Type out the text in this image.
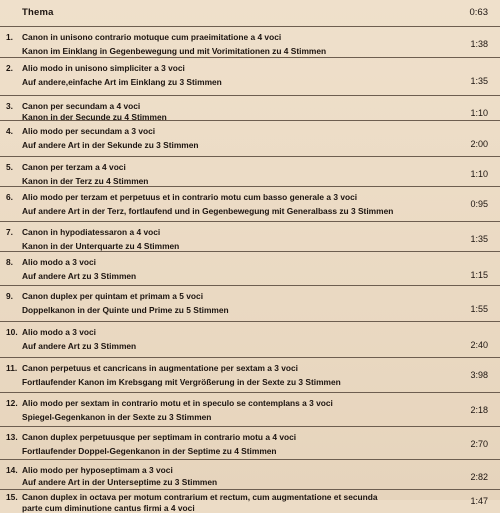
Thema	0:63
1. Canon in unisono contrario motuque cum praeimitatione a 4 voci
Kanon im Einklang in Gegenbewegung und mit Vorimitationen zu 4 Stimmen
1:38
2. Alio modo in unisono simpliciter a 3 voci
Auf andere,einfache Art im Einklang zu 3 Stimmen	1:35
3. Canon per secundam a 4 voci
Kanon in der Secunde zu 4 Stimmen	1:10
4. Alio modo per secundam a 3 voci
Auf andere Art in der Sekunde zu 3 Stimmen	2:00
5. Canon per terzam a 4 voci
Kanon in der Terz zu 4 Stimmen
1:10
6. Alio modo per terzam et perpetuus et in contrario motu cum basso generale a 3 voci
Auf andere Art in der Terz, fortlaufend und in Gegenbewegung mit Generalbass zu 3 Stimmen
0:95
7. Canon in hypodiatessaron a 4 voci
Kanon in der Unterquarte zu 4 Stimmen
1:35
8. Alio modo a 3 voci
Auf andere Art zu 3 Stimmen	1:15
9. Canon duplex per quintam et primam a 5 voci
Doppelkanon in der Quinte und Prime zu 5 Stimmen	1:55
10. Alio modo a 3 voci
Auf andere Art zu 3 Stimmen	2:40
11. Canon perpetuus et cancricans in augmentatione per sextam a 3 voci
Fortlaufender Kanon im Krebsgang mit Vergrößerung in der Sexte zu 3 Stimmen
3:98
12. Alio modo per sextam in contrario motu et in speculo se contemplans a 3 voci
Spiegel-Gegenkanon in der Sexte zu 3 Stimmen
2:18
13. Canon duplex perpetuusque per septimam in contrario motu a 4 voci
Fortlaufender Doppel-Gegenkanon in der Septime zu 4 Stimmen
2:70
14. Alio modo per hyposeptimam a 3 voci
Auf andere Art in der Unterseptime zu 3 Stimmen	2:82
15. Canon duplex in octava per motum contrarium et rectum, cum augmentatione et secunda
parte cum diminutione cantus firmi a 4 voci
1:47
